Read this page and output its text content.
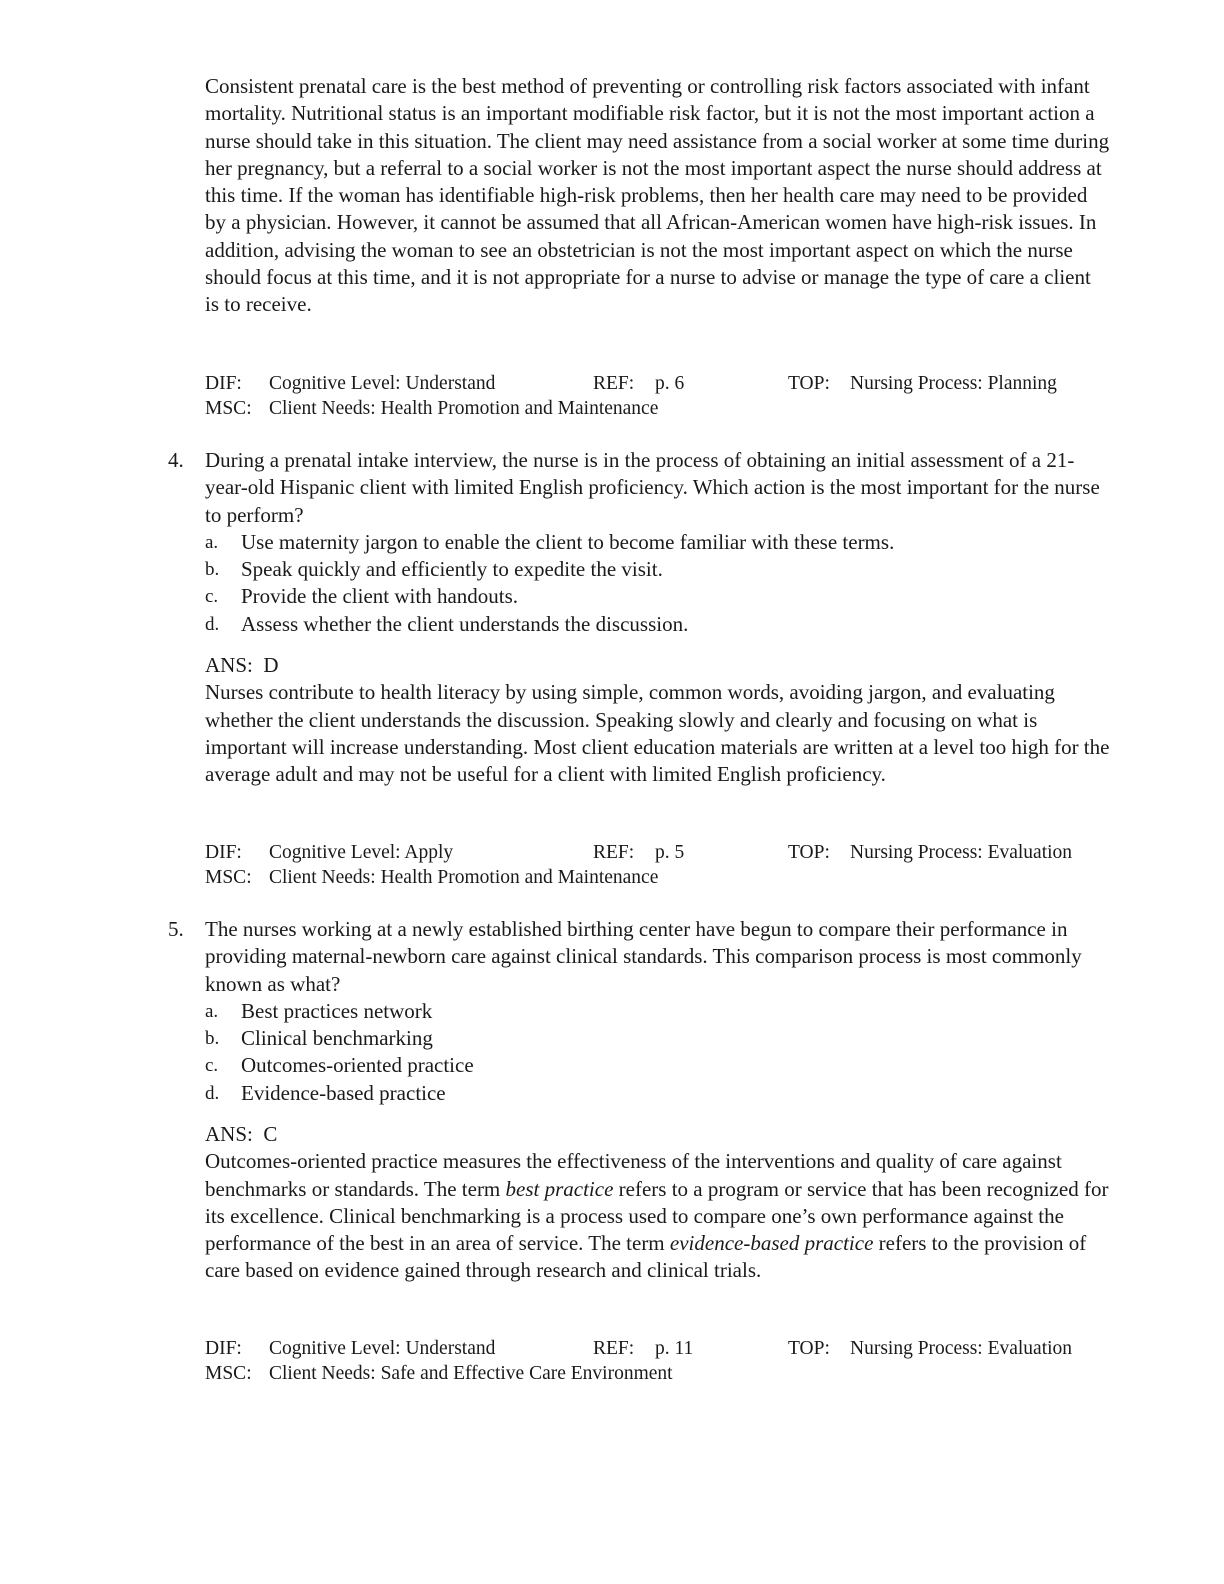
Consistent prenatal care is the best method of preventing or controlling risk factors associated with infant mortality. Nutritional status is an important modifiable risk factor, but it is not the most important action a nurse should take in this situation. The client may need assistance from a social worker at some time during her pregnancy, but a referral to a social worker is not the most important aspect the nurse should address at this time. If the woman has identifiable high-risk problems, then her health care may need to be provided by a physician. However, it cannot be assumed that all African-American women have high-risk issues. In addition, advising the woman to see an obstetrician is not the most important aspect on which the nurse should focus at this time, and it is not appropriate for a nurse to advise or manage the type of care a client is to receive.

DIF: Cognitive Level: Understand	REF: p. 6	TOP: Nursing Process: Planning
MSC: Client Needs: Health Promotion and Maintenance
4. During a prenatal intake interview, the nurse is in the process of obtaining an initial assessment of a 21-year-old Hispanic client with limited English proficiency. Which action is the most important for the nurse to perform?

a. Use maternity jargon to enable the client to become familiar with these terms.
b. Speak quickly and efficiently to expedite the visit.
c. Provide the client with handouts.
d. Assess whether the client understands the discussion.

ANS: D

Nurses contribute to health literacy by using simple, common words, avoiding jargon, and evaluating whether the client understands the discussion. Speaking slowly and clearly and focusing on what is important will increase understanding. Most client education materials are written at a level too high for the average adult and may not be useful for a client with limited English proficiency.

DIF: Cognitive Level: Apply	REF: p. 5	TOP: Nursing Process: Evaluation
MSC: Client Needs: Health Promotion and Maintenance
5. The nurses working at a newly established birthing center have begun to compare their performance in providing maternal-newborn care against clinical standards. This comparison process is most commonly known as what?

a. Best practices network
b. Clinical benchmarking
c. Outcomes-oriented practice
d. Evidence-based practice

ANS: C

Outcomes-oriented practice measures the effectiveness of the interventions and quality of care against benchmarks or standards. The term best practice refers to a program or service that has been recognized for its excellence. Clinical benchmarking is a process used to compare one’s own performance against the performance of the best in an area of service. The term evidence-based practice refers to the provision of care based on evidence gained through research and clinical trials.

DIF: Cognitive Level: Understand	REF: p. 11	TOP: Nursing Process: Evaluation
MSC: Client Needs: Safe and Effective Care Environment
